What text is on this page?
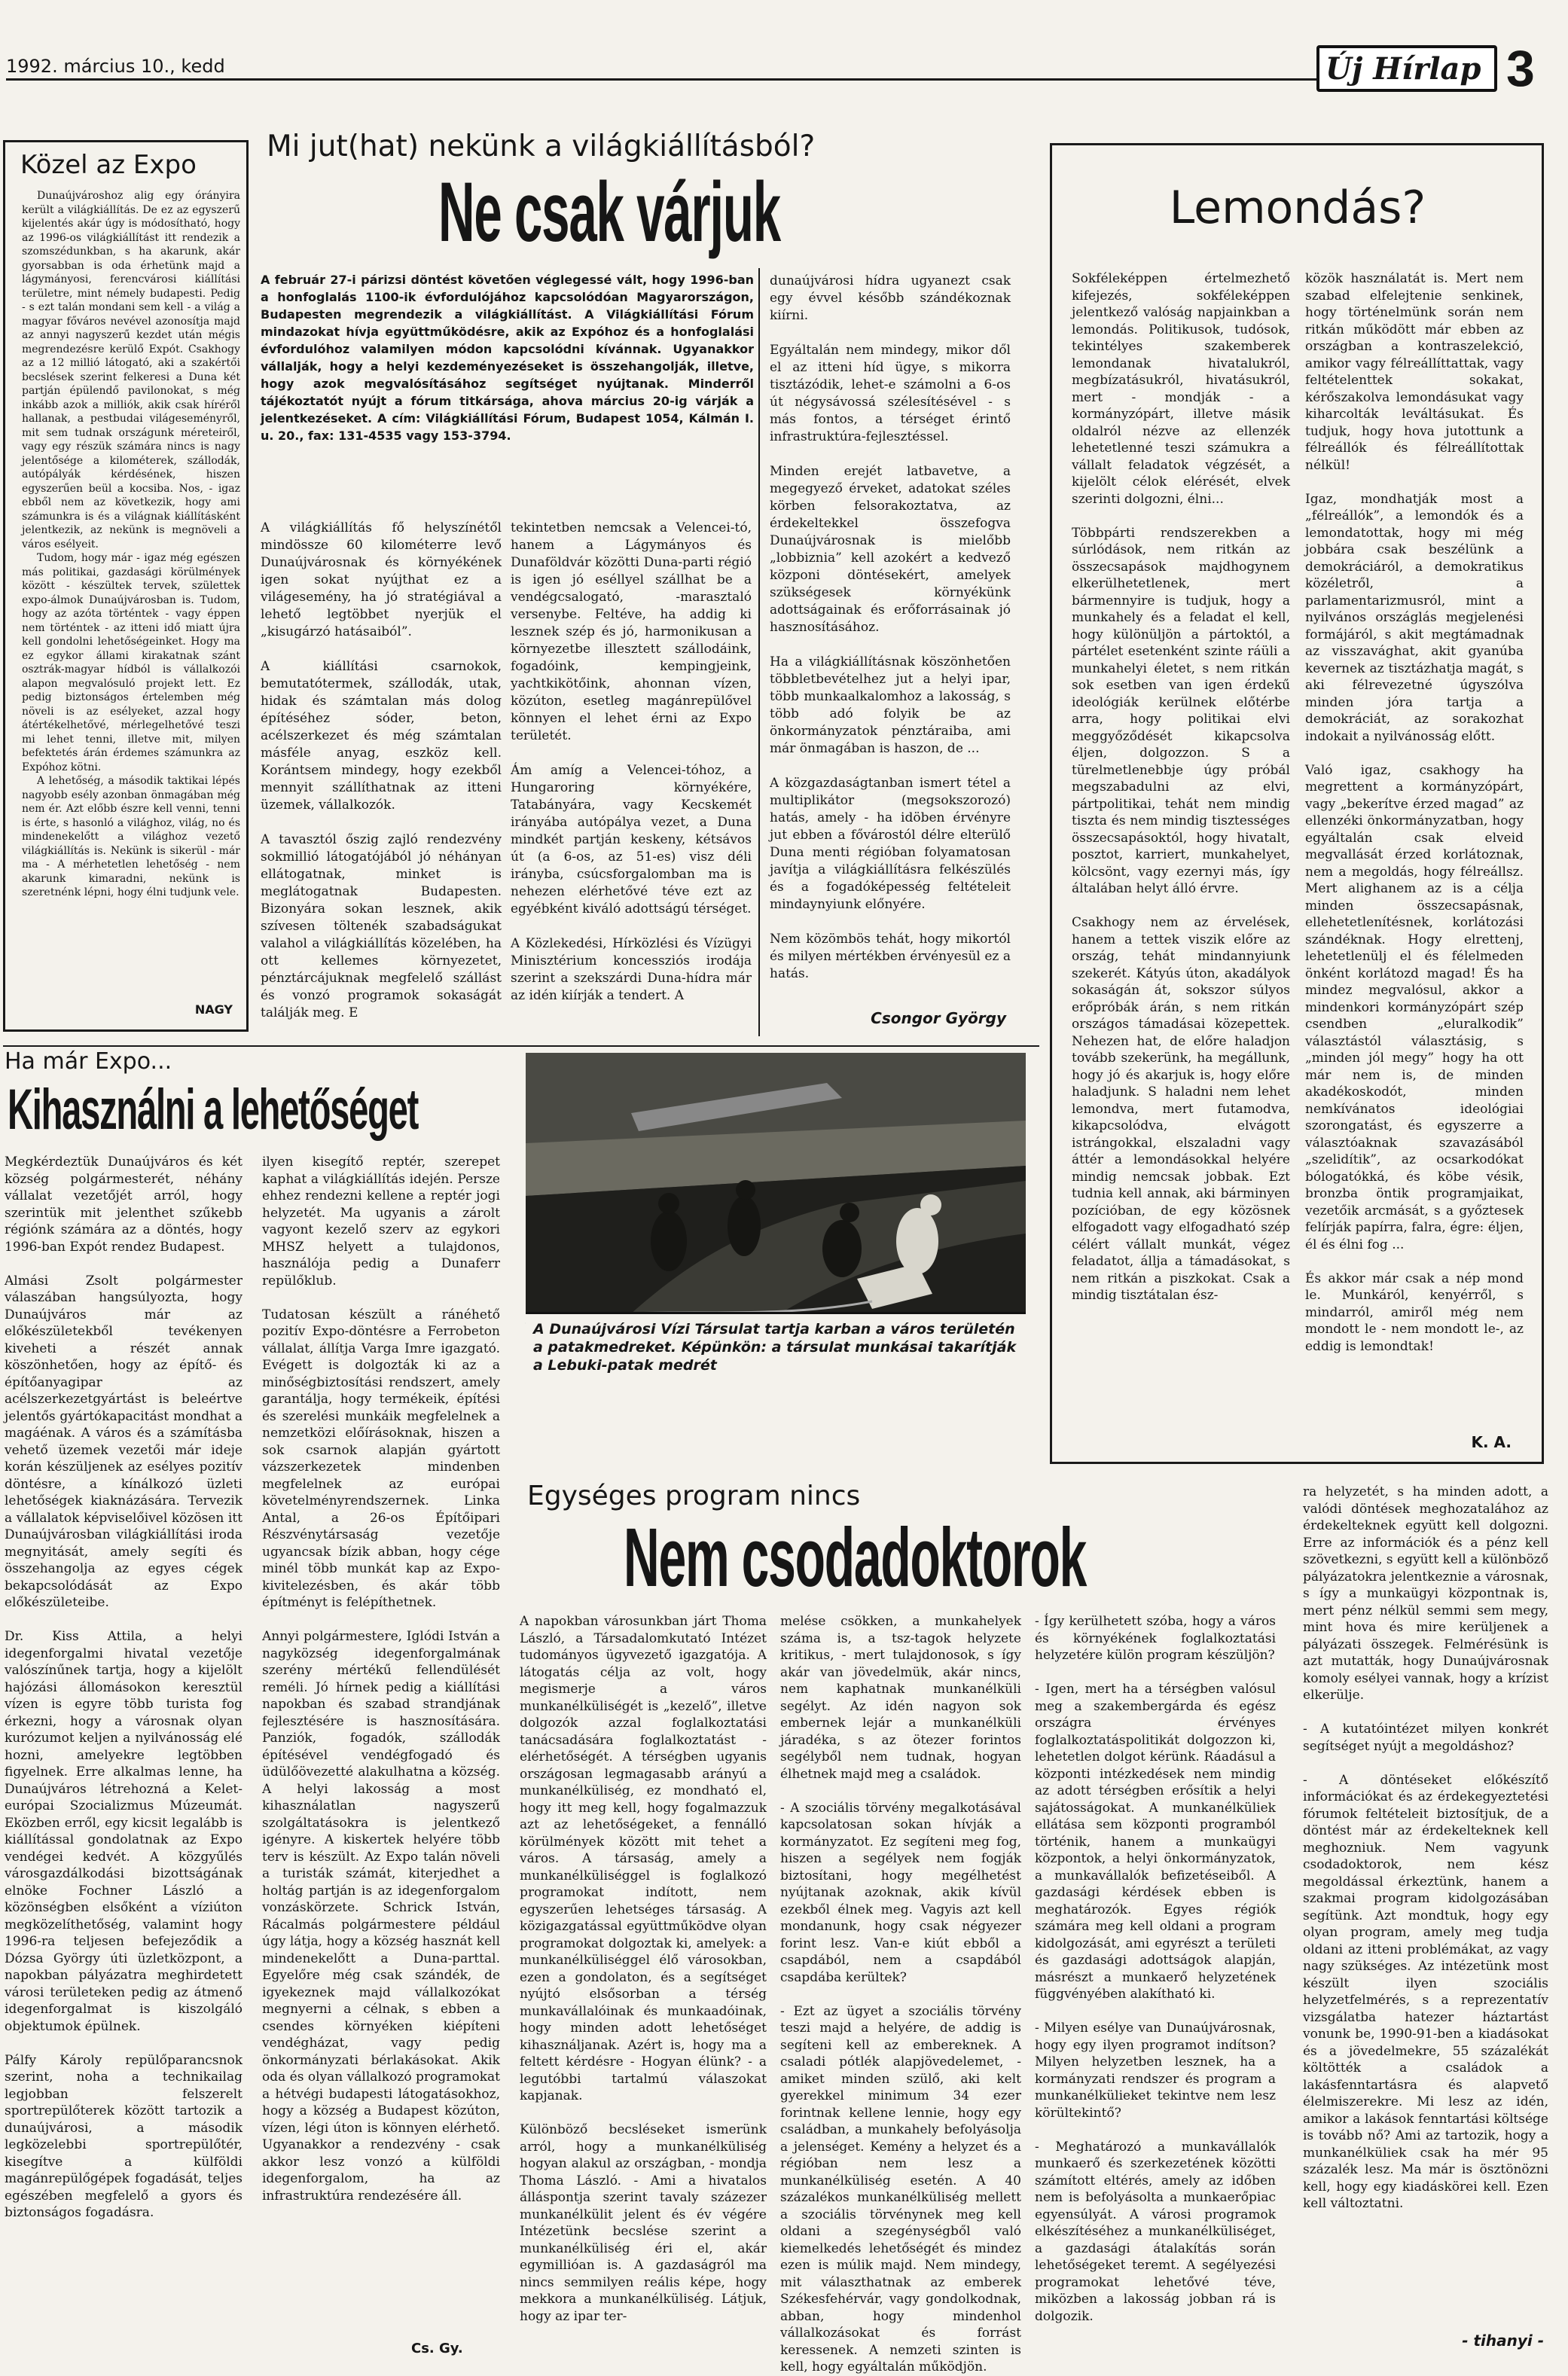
1992. március 10., kedd	Új Hírlap 3
Közel az Expo

Dunaújvároshoz alig egy órányira került a világkiállítás. De ez az egyszerű kijelentés akár úgy is módosítható, hogy az 1996-os világkiállítást itt rendezik a szomszédunkban, s ha akarunk, akár gyorsabban is oda érhetünk majd a lágymányosi, ferencvárosi kiállítási területre, mint némely budapesti. Pedig - s ezt talán mondani sem kell - a világ a magyar főváros nevével azonosítja majd az annyi nagyszerű kezdet után mégis megrendezésre kerülő Expót. Csakhogy az a 12 millió látogató, aki a szakértői becslések szerint felkeresi a Duna két partján épülendő pavilonokat, s még inkább azok a milliók, akik csak híréről hallanak, a pestbudai világeseményről, mit sem tudnak országunk méreteiről, vagy egy részük számára nincs is nagy jelentősége a kilométerek, szállodák, autópályák kérdésének, hiszen egyszerűen beül a kocsiba. Nos, - igaz ebből nem az következik, hogy ami számunkra is és a világnak kiállításként jelentkezik, az nekünk is megnöveli a város esélyeit.

Tudom, hogy már - igaz még egészen más politikai, gazdasági körülmények között - készültek tervek, születtek expo-álmok Dunaújvárosban is. Tudom, hogy az azóta történtek - vagy éppen nem történtek - az itteni idő miatt újra kell gondolni lehetőségeinket. Hogy ma ez egykor állami kirakatnak szánt osztrák-magyar hídból is vállalkozói alapon megvalósuló projekt lett. Ez pedig biztonságos értelemben még növeli is az esélyeket, azzal hogy átértékelhetővé, mérlegelhetővé teszi mi lehet tenni, illetve mit, milyen befektetés árán érdemes számunkra az Expóhoz kötni.

A lehetőség, a második taktikai lépés nagyobb esély azonban önmagában még nem ér. Azt előbb észre kell venni, tenni is érte, s hasonló a világhoz, világ, no és mindenekelőtt a világhoz vezető világkiállítás is. Nekünk is sikerül - már ma - A mérhetetlen lehetőség - nem akarunk kimaradni, nekünk is szeretnénk lépni, hogy élni tudjunk vele.

NAGY
Mi jut(hat) nekünk a világkiállításból?
Ne csak várjuk

A február 27-i párizsi döntést követően véglegessé vált, hogy 1996-ban a honfoglalás 1100-ik évfordulójához kapcsolódóan Magyarországon, Budapesten megrendezik a világkiállítást. A Világkiállítási Fórum mindazokat hívja együttműködésre, akik az Expóhoz és a honfoglalási évfordulóhoz valamilyen módon kapcsolódni kívánnak. Ugyanakkor vállalják, hogy a helyi kezdeményezéseket is összehangolják, illetve, hogy azok megvalósításához segítséget nyújtanak. Minderről tájékoztatót nyújt a fórum titkársága, ahova március 20-ig várják a jelentkezéseket. A cím: Világkiállítási Fórum, Budapest 1054, Kálmán I. u. 20., fax: 131-4535 vagy 153-3794.

A világkiállítás fő helyszínétől mindössze 60 kilométerre levő Dunaújvárosnak és környékének igen sokat nyújthat ez a világesemény, ha jó stratégiával a lehető legtöbbet nyerjük el „kisugárzó hatásaiból”.

A kiállítási csarnokok, bemutatótermek, szállodák, utak, hidak és számtalan más dolog építéséhez sóder, beton, acélszerkezet és még számtalan másféle anyag, eszköz kell. Korántsem mindegy, hogy ezekből mennyit szállíthatnak az itteni üzemek, vállalkozók.

A tavasztól őszig zajló rendezvény sokmillió látogatójából jó néhányan ellátogatnak, minket is meglátogatnak Budapesten. Bizonyára sokan lesznek, akik szívesen töltenék szabadságukat valahol a világkiállítás közelében, ha ott kellemes környezetet, pénztárcájuknak megfelelő szállást és vonzó programok sokaságát találják meg. E

tekintetben nemcsak a Velencei-tó, hanem a Lágymányos és Dunaföldvár közötti Duna-parti régió is igen jó eséllyel szállhat be a vendégcsalogató, -marasztaló versenybe. Feltéve, ha addig ki lesznek szép és jó, harmonikusan a környezetbe illesztett szállodáink, fogadóink, kempingjeink, yachtkikötőink, ahonnan vízen, közúton, esetleg magánrepülővel könnyen el lehet érni az Expo területét.

Ám amíg a Velencei-tóhoz, a Hungaroring környékére, Tatabányára, vagy Kecskemét irányába autópálya vezet, a Duna mindkét partján keskeny, kétsávos út (a 6-os, az 51-es) visz déli irányba, csúcsforgalomban ma is nehezen elérhetővé téve ezt az egyébként kiváló adottságú térséget.

A Közlekedési, Hírközlési és Vízügyi Minisztérium koncessziós irodája szerint a szekszárdi Duna-hídra már az idén kiírják a tendert. A

dunaújvárosi hídra ugyanezt csak egy évvel később szándékoznak kiírni.

Egyáltalán nem mindegy, mikor dől el az itteni híd ügye, s mikorra tisztázódik, lehet-e számolni a 6-os út négysávossá szélesítésével - s más fontos, a térséget érintő infrastruktúra-fejlesztéssel.

Minden erejét latbavetve, a megegyező érveket, adatokat széles körben felsorakoztatva, az érdekeltekkel összefogva Dunaújvárosnak is mielőbb „lobbiznia” kell azokért a kedvező közponi döntésekért, amelyek szükségesek környékünk adottságainak és erőforrásainak jó hasznosításához.

Ha a világkiállításnak köszönhetően többletbevételhez jut a helyi ipar, több munkaalkalomhoz a lakosság, s több adó folyik be az önkormányzatok pénztáraiba, ami már önmagában is haszon, de ...

A közgazdaságtanban ismert tétel a multiplikátor (megsokszorozó) hatás, amely - ha idöben érvényre jut ebben a fővárostól délre elterülő Duna menti régióban folyamatosan javítja a világkiállításra felkészülés és a fogadóképesség feltételeit mindaynyiunk előnyére.

Nem közömbös tehát, hogy mikortól és milyen mértékben érvényesül ez a hatás.

Csongor György
Lemondás?

Sokféleképpen értelmezhető kifejezés, sokféleképpen jelentkező valóság napjainkban a lemondás. Politikusok, tudósok, tekintélyes szakemberek lemondanak hivatalukról, megbízatásukról, hivatásukról, mert - mondják - a kormányzópárt, illetve másik oldalról nézve az ellenzék lehetetlenné teszi számukra a vállalt feladatok végzését, a kijelölt célok elérését, elvek szerinti dolgozni, élni...

Többpárti rendszerekben a súrlódások, nem ritkán az összecsapások majdhogynem elkerülhetetlenek, mert bármennyire is tudjuk, hogy a munkahely és a feladat el kell, hogy különüljön a pártoktól, a pártélet esetenként szinte ráüli a munkahelyi életet, s nem ritkán sok esetben van igen érdekű ideológiák kerülnek előtérbe arra, hogy politikai elvi meggyőződését kikapcsolva éljen, dolgozzon. S a türelmetlenebbje úgy próbál megszabadulni az elvi, pártpolitikai, tehát nem mindig tiszta és nem mindig tisztességes összecsapásoktól, hogy hivatalt, posztot, karriert, munkahelyet, kölcsönt, vagy ezernyi más, így általában helyt álló érvre.

Csakhogy nem az érvelések, hanem a tettek viszik előre az ország, tehát mindannyiunk szekerét. Kátyús úton, akadályok sokaságán át, sokszor súlyos erőpróbák árán, s nem ritkán országos támadásai közepettek. Nehezen hat, de előre haladjon tovább szekerünk, ha megállunk, hogy jó és akarjuk is, hogy előre haladjunk. S haladni nem lehet lemondva, mert futamodva, kikapcsolódva, elvágott istrángokkal, elszaladni vagy áttér a lemondásokkal helyére mindig nemcsak jobbak. Ezt tudnia kell annak, aki bárminyen pozícióban, de egy közösnek elfogadott vagy elfogadható szép célért vállalt munkát, végez feladatot, állja a támadásokat, s nem ritkán a piszkokat. Csak a mindig tisztátalan ész-

közök használatát is. Mert nem szabad elfelejtenie senkinek, hogy történelmünk során nem ritkán működött már ebben az országban a kontraszelekció, amikor vagy félreállíttattak, vagy feltételenttek sokakat, kérőszakolva lemondásukat vagy kiharcolták leváltásukat. És tudjuk, hogy hova jutottunk a félreállók és félreállítottak nélkül!

Igaz, mondhatják most a „félreállók”, a lemondók és a lemondatottak, hogy mi még jobbára csak beszélünk a demokráciáról, a demokratikus közéletről, a parlamentarizmusról, mint a nyilvános országlás megjelenési formájáról, s akit megtámadnak az visszavághat, akit gyanúba kevernek az tisztázhatja magát, s aki félrevezetné úgyszólva minden jóra tartja a demokráciát, az sorakozhat indokait a nyilvánosság előtt.

Való igaz, csakhogy ha megrettent a kormányzópárt, vagy „bekerítve érzed magad” az ellenzéki önkormányzatban, hogy egyáltalán csak elveid megvallását érzed korlátoznak, nem a megoldás, hogy félreállsz. Mert alighanem az is a célja minden összecsapásnak, ellehetetlenítésnek, korlátozási szándéknak. Hogy elrettenj, lehetetlenülj el és félelmeden önként korlátozd magad! És ha mindez megvalósul, akkor a mindenkori kormányzópárt szép csendben „eluralkodik” választástól választásig, s „minden jól megy” hogy ha ott már nem is, de minden akadékoskodót, minden nemkívánatos ideológiai szorongatást, és egyszerre a választóaknak szavazásából „szelidítik”, az ocsarkodókat bólogatókká, és köbe vésik, bronzba öntik programjaikat, vezetőik arcmását, s a győztesek felírják papírra, falra, égre: éljen, él és élni fog ...

És akkor már csak a nép mond le. Munkáról, kenyérről, s mindarról, amiről még nem mondott le - nem mondott le-, az eddig is lemondtak!

K. A.
Ha már Expo...
Kihasználni a lehetőséget

Megkérdeztük Dunaújváros és két község polgármesterét, néhány vállalat vezetőjét arról, hogy szerintük mit jelenthet szűkebb régiónk számára az a döntés, hogy 1996-ban Expót rendez Budapest.

Almási Zsolt polgármester válaszában hangsúlyozta, hogy Dunaújváros már az előkészületekből tevékenyen kiveheti a részét annak köszönhetően, hogy az építő- és építőanyagipar az acélszerkezetgyártást is beleértve jelentős gyártókapacitást mondhat a magáénak. A város és a számításba vehető üzemek vezetői már ideje korán készüljenek az esélyes pozitív döntésre, a kínálkozó üzleti lehetőségek kiaknázására. Tervezik a vállalatok képviselőivel közösen itt Dunaújvárosban világkiállítási iroda megnyitását, amely segíti és összehangolja az egyes cégek bekapcsolódását az Expo előkészületeibe.

Dr. Kiss Attila, a helyi idegenforgalmi hivatal vezetője valószínűnek tartja, hogy a kijelölt hajózási állomásokon keresztül vízen is egyre több turista fog érkezni, hogy a városnak olyan kurózumot keljen a nyilvánosság elé hozni, amelyekre legtöbben figyelnek. Erre alkalmas lenne, ha Dunaújváros létrehozná a Kelet-európai Szocializmus Múzeumát. Eközben erről, egy kicsit legalább is kiállítással gondolatnak az Expo vendégei kedvét. A közgyűlés városgazdálkodási bizottságának elnöke Fochner László a közönségben elsőként a víziúton megközelíthetőség, valamint hogy 1996-ra teljesen befejeződik a Dózsa György úti üzletközpont, a napokban pályázatra meghirdetett városi területeken pedig az átmenő idegenforgalmat is kiszolgáló objektumok épülnek.

Pálfy Károly repülőparancsnok szerint, noha a technikailag legjobban felszerelt sportrepülőterek között tartozik a dunaújvárosi, a második legközelebbi sportrepülőtér, kisegítve a külföldi magánrepülőgépek fogadását, teljes egészében megfelelő a gyors és biztonságos fogadásra.

ilyen kisegítő reptér, szerepet kaphat a világkiállítás idején. Persze ehhez rendezni kellene a reptér jogi helyzetét. Ma ugyanis a zárolt vagyont kezelő szerv az egykori MHSZ helyett a tulajdonos, használója pedig a Dunaferr repülőklub.

Tudatosan készült a ránéhető pozitív Expo-döntésre a Ferrobeton vállalat, állítja Varga Imre igazgató. Evégett is dolgozták ki az a minőségbiztosítási rendszert, amely garantálja, hogy termékeik, építési és szerelési munkáik megfelelnek a nemzetközi előírásoknak, hiszen a sok csarnok alapján gyártott vázszerkezetek mindenben megfelelnek az európai követelményrendszernek. Linka Antal, a 26-os Építőipari Részvénytársaság vezetője ugyancsak bízik abban, hogy cége minél több munkát kap az Expo-kivitelezésben, és akár több építményt is felépíthetnek.

Annyi polgármestere, Iglódi István a nagyközség idegenforgalmának szerény mértékű fellendülését reméli. Jó hírnek pedig a kiállítási napokban és szabad strandjának fejlesztésére is hasznosítására. Panziók, fogadók, szállodák építésével vendégfogadó és üdülőövezetté alakulhatna a község. A helyi lakosság a most kihasználatlan nagyszerű szolgáltatásokra is jelentkező igényre. A kiskertek helyére több terv is készült. Az Expo talán növeli a turisták számát, kiterjedhet a holtág partján is az idegenforgalom vonzáskörzete. Schrick István, Rácalmás polgármestere például úgy látja, hogy a község hasznát kell mindenekelőtt a Duna-parttal. Egyelőre még csak szándék, de igyekeznek majd vállalkozókat megnyerni a célnak, s ebben a csendes környéken kiépíteni vendégházat, vagy pedig önkormányzati bérlakásokat. Akik oda és olyan vállalkozó programokat a hétvégi budapesti látogatásokhoz, hogy a község a Budapest közúton, vízen, légi úton is könnyen elérhető. Ugyanakkor a rendezvény - csak akkor lesz vonzó a külföldi idegenforgalom, ha az infrastruktúra rendezésére áll.

Cs. Gy.

A Dunaújvárosi Vízi Társulat tartja karban a város területén a patakmedreket. Képünkön: a társulat munkásai takarítják a Lebuki-patak medrét

Egységes program nincs
Nem csodadoktorok

A napokban városunkban járt Thoma László, a Társadalomkutató Intézet tudományos ügyvezető igazgatója. A látogatás célja az volt, hogy megismerje a város munkanélküliségét is „kezelő”, illetve dolgozók azzal foglalkoztatási tanácsadására foglalkoztatást - elérhetőségét. A térségben ugyanis országosan legmagasabb arányú a munkanélküliség, ez mondható el, hogy itt meg kell, hogy fogalmazzuk azt az lehetőségeket, a fennálló körülmények között mit tehet a város. A társaság, amely a munkanélküliséggel is foglalkozó programokat indított, nem egyszerűen lehetséges társaság. A közigazgatással együttműködve olyan programokat dolgoztak ki, amelyek: a munkanélküliséggel élő városokban, ezen a gondolaton, és a segítséget nyújtó elsősorban a térség munkavállalóinak és munkaadóinak, hogy minden adott lehetőséget kihasználjanak. Azért is, hogy ma a feltett kérdésre - Hogyan élünk? - a legutóbbi tartalmú válaszokat kapjanak.

Különböző becsléseket ismerünk arról, hogy a munkanélküliség hogyan alakul az országban, - mondja Thoma László. - Ami a hivatalos álláspontja szerint tavaly százezer munkanélkülit jelent és év végére Intézetünk becslése szerint a munkanélküliség éri el, akár egymillióan is. A gazdaságról ma nincs semmilyen reális képe, hogy mekkora a munkanélküliség. Látjuk, hogy az ipar ter-

melése csökken, a munkahelyek száma is, a tsz-tagok helyzete kritikus, - mert tulajdonosok, s így akár van jövedelmük, akár nincs, nem kaphatnak munkanélküli segélyt. Az idén nagyon sok embernek lejár a munkanélküli járadéka, s az ötezer forintos segélyből nem tudnak, hogyan élhetnek majd meg a családok.

- A szociális törvény megalkotásával kapcsolatosan sokan hívják a kormányzatot. Ez segíteni meg fog, hiszen a segélyek nem fogják biztosítani, hogy megélhetést nyújtanak azoknak, akik kívül ezekből élnek meg. Vagyis azt kell mondanunk, hogy csak négyezer forint lesz. Van-e kiút ebből a csapdából, nem a csapdából csapdába kerültek?

- Ezt az ügyet a szociális törvény teszi majd a helyére, de addig is segíteni kell az embereknek. A csaladi pótlék alapjövedelemet, - amiket minden szülő, aki kelt gyerekkel minimum 34 ezer forintnak kellene lennie, hogy egy családban, a munkahely befolyásolja a jelenséget. Kemény a helyzet és a régióban nem lesz a munkanélküliség esetén. A 40 százalékos munkanélküliség mellett a szociális törvénynek meg kell oldani a szegénységből való kiemelkedés lehetőségét és mindez ezen is múlik majd. Nem mindegy, mit választhatnak az emberek Székesfehérvár, vagy gondolkodnak, abban, hogy mindenhol vállalkozásokat és forrást keressenek. A nemzeti szinten is kell, hogy egyáltalán működjön.

- Így kerülhetett szóba, hogy a város és környékének foglalkoztatási helyzetére külön program készüljön?

- Igen, mert ha a térségben valósul meg a szakembergárda és egész országra érvényes foglalkoztatáspolitikát dolgozzon ki, lehetetlen dolgot kérünk. Ráadásul a központi intézkedések nem mindig az adott térségben erősítik a helyi sajátosságokat. A munkanélküliek ellátása sem központi programból történik, hanem a munkaügyi központok, a helyi önkormányzatok, a munkavállalók befizetéseiből. A gazdasági kérdések ebben is meghatározók. Egyes régiók számára meg kell oldani a program kidolgozását, ami egyrészt a területi és gazdasági adottságok alapján, másrészt a munkaerő helyzetének függvényében alakítható ki.

- Milyen esélye van Dunaújvárosnak, hogy egy ilyen programot indítson? Milyen helyzetben lesznek, ha a kormányzati rendszer és program a munkanélkülieket tekintve nem lesz körültekintő?

- Meghatározó a munkavállalók munkaerő és szerkezetének közötti számított eltérés, amely az időben nem is befolyásolta a munkaerőpiac egyensúlyát. A városi programok elkészítéséhez a munkanélküliséget, a gazdasági átalakítás során lehetőségeket teremt. A segélyezési programokat lehetővé téve, miközben a lakosság jobban rá is dolgozik.

ra helyzetét, s ha minden adott, a valódi döntések meghozatalához az érdekelteknek együtt kell dolgozni. Erre az információk és a pénz kell szövetkezni, s együtt kell a különböző pályázatokra jelentkeznie a városnak, s így a munkaügyi központnak is, mert pénz nélkül semmi sem megy, mint hova és mire kerüljenek a pályázati összegek. Felmérésünk is azt mutatták, hogy Dunaújvárosnak komoly esélyei vannak, hogy a krízist elkerülje.

- A kutatóintézet milyen konkrét segítséget nyújt a megoldáshoz?

- A döntéseket előkészítő információkat és az érdekegyeztetési fórumok feltételeit biztosítjuk, de a döntést már az érdekelteknek kell meghozniuk. Nem vagyunk csodadoktorok, nem kész megoldással érkeztünk, hanem a szakmai program kidolgozásában segítünk. Azt mondtuk, hogy egy olyan program, amely meg tudja oldani az itteni problémákat, az vagy nagy szükséges. Az intézetünk most készült ilyen szociális helyzetfelmérés, s a reprezentatív vizsgálatba hatezer háztartást vonunk be, 1990-91-ben a kiadásokat és a jövedelmekre, 55 százalékát költötték a családok a lakásfenntartásra és alapvető élelmiszerekre. Mi lesz az idén, amikor a lakások fenntartási költsége is tovább nő? Ami az tartozik, hogy a munkanélküliek csak ha mér 95 százalék lesz. Ma már is ösztönözni kell, hogy egy kiadáskörei kell. Ezen kell változtatni.

- tihanyi -
